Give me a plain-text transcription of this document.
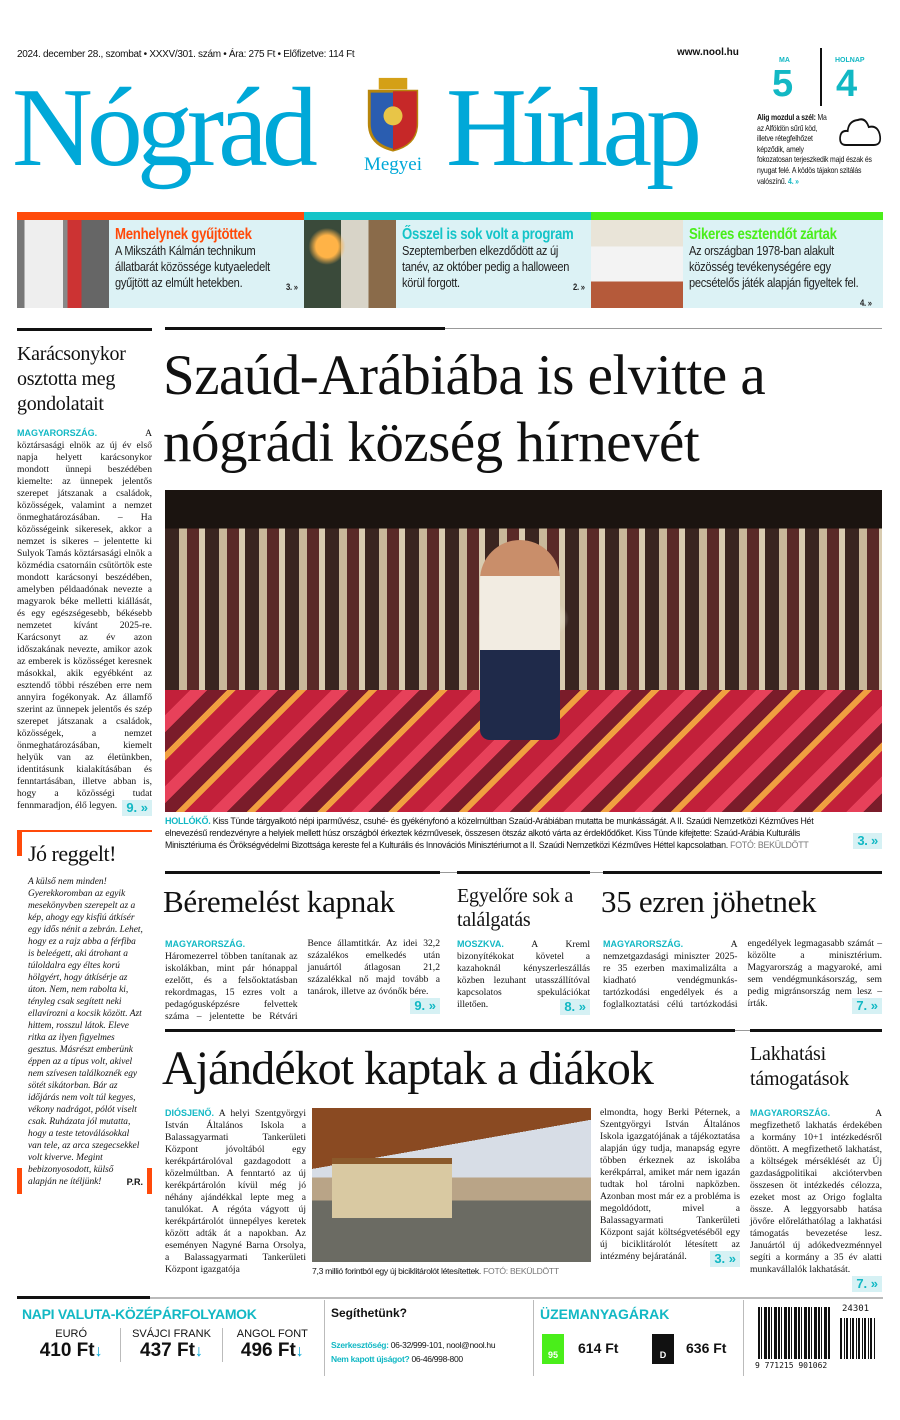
2024. december 28., szombat • XXXV/301. szám • Ára: 275 Ft • Előfizetve: 114 Ft	www.nool.hu
Nógrád	Megyei Hírlap
MA
5
HOLNAP
4
Alig mozdul a szél: Ma az Alföldön sűrű köd, illetve rétegfelhőzet képződik, amely fokozatosan terjeszkedik majd észak és nyugat felé. A ködös tájakon szitálás valószínű. 4. »
Menhelynek gyűjtöttek

A Mikszáth Kálmán technikum állatbarát közössége kutyaeledelt gyűjtött az elmúlt hetekben.	3. »

Ősszel is sok volt a program

Szeptemberben elkezdődött az új tanév, az október pedig a halloween körül forgott.	2. »

Sikeres esztendőt zártak

Az országban 1978-ban alakult közösség tevékenységére egy pecsételős játék alapján figyeltek fel.
4. »

Karácsonykor osztotta meg gondolatait
MAGYARORSZÁG.	A köztársasági elnök az új év első napja helyett karácsonykor mondott ünnepi beszédében kiemelte: az ünnepek jelentős szerepet játszanak a családok, közösségek, valamint a nemzet önmeghatározásában. – Ha közösségeink sikeresek, akkor a nemzet is sikeres – jelentette ki Sulyok Tamás köztársasági elnök a közmédia csatornáin csütörtök este mondott karácsonyi beszédében, amelyben példaadónak nevezte a magyarok béke melletti kiállását, és egy egészségesebb, békésebb nemzetet kívánt 2025-re. Karácsonyt az év azon időszakának nevezte, amikor azok az emberek is közösséget keresnek másokkal, akik egyébként az esztendő többi részében erre nem annyira fogékonyak. Az államfő szerint az ünnepek jelentős és szép szerepet játszanak a családok, közösségek, a nemzet önmeghatározásában, kiemelt helyük van az életünkben, identitásunk kialakításában és fenntartásában, illetve abban is, hogy a közösségi tudat fennmaradjon, élő legyen. 9. »
Jó reggelt!
A külső nem minden! Gyerekkoromban az egyik mesekönyvben szerepelt az a kép, ahogy egy kisfiú átkísér egy idős nénit a zebrán. Lehet, hogy ez a rajz abba a férfiba is beleégett, aki átrohant a túloldalra egy éltes korú hölgyért, hogy átkísérje az úton. Nem, nem rabolta ki, tényleg csak segített neki ellavírozni a kocsik között. Azt hittem, rosszul látok. Eleve ritka az ilyen figyelmes gesztus. Másrészt emberünk éppen az a típus volt, akivel nem szívesen találkoznék egy sötét sikátorban. Bár az időjárás nem volt túl kegyes, vékony nadrágot, pólót viselt csak. Ruházata jól mutatta, hogy a teste tetoválásokkal van tele, az arca szegecsekkel volt kiverve. Megint bebizonyosodott, külső alapján ne ítéljünk!	P.R.
Szaúd-Arábiába is elvitte a nógrádi község hírnevét
3. »
HOLLÓKŐ. Kiss Tünde tárgyalkotó népi iparművész, csuhé- és gyékényfonó a közelmúltban Szaúd-Arábiában mutatta be munkásságát. A II. Szaúdi Nemzetközi Kézműves Hét elnevezésű rendezvényre a helyiek mellett húsz országból érkeztek kézművesek, összesen ötszáz alkotó várta az érdeklődőket. Kiss Tünde kifejtette: Szaúd-Arábia Kulturális Minisztériuma és Örökségvédelmi Bizottsága kereste fel a Kulturális és Innovációs Minisztériumot a II. Szaúdi Nemzetközi Kézműves Héttel kapcsolatban. FOTÓ: BEKÜLDÖTT
Béremelést kapnak
MAGYARORSZÁG. Háromezerrel többen tanítanak az iskolákban, mint pár hónappal ezelőtt, és a felsőoktatásban rekordmagas, 15 ezres volt a pedagógusképzésre felvettek száma – jelentette be Rétvári Bence államtitkár. Az idei 32,2 százalékos emelkedés után januártól átlagosan 21,2 százalékkal nő majd tovább a tanárok, illetve az óvónők bére.
9. »
Egyelőre sok a találgatás
MOSZKVA.	A Kreml bizonyítékokat követel a kazahoknál kényszerleszállás közben lezuhant utasszállítóval kapcsolatos spekulációkat illetően.	8. »
35 ezren jöhetnek
MAGYARORSZÁG.	A nemzetgazdasági miniszter 2025-re 35 ezerben maximalizálta a kiadható vendégmunkás-tartózkodási engedélyek és a foglalkoztatási célú tartózkodási engedélyek legmagasabb számát – közölte a minisztérium. Magyarország a magyaroké, ami sem vendégmunkásország, sem pedig migránsország nem lesz – írták.	7. »
Ajándékot kaptak a diákok
DIÓSJENŐ. A helyi Szentgyörgyi István Általános Iskola a Balassagyarmati Tankerületi Központ jóvoltából egy kerékpártárolóval gazdagodott a közelmúltban. A fenntartó az új kerékpártárolón kívül még jó néhány ajándékkal lepte meg a tanulókat. A régóta vágyott új kerékpártárolót ünnepélyes keretek között adták át a napokban. Az eseményen Nagyné Barna Orsolya, a Balassagyarmati Tankerületi Központ igazgatója	7,3 millió forintból egy új biciklitárolót létesítettek. FOTÓ: BEKÜLDÖTT
elmondta, hogy Berki Péternek, a Szentgyörgyi István Általános Iskola igazgatójának a tájékoztatása alapján úgy tudja, manapság egyre többen érkeznek az iskolába kerékpárral, amiket már nem igazán tudtak hol tárolni napközben. Azonban most már ez a probléma is megoldódott, mivel a Balassagyarmati Tankerületi Központ saját költségvetéséből egy új biciklitárolót létesített az intézmény bejáratánál.	3. »
Lakhatási támogatások
MAGYARORSZÁG.	A megfizethető lakhatás érdekében a kormány 10+1 intézkedésről döntött. A megfizethető lakhatást, a költségek mérséklését az Új gazdaságpolitikai akciótervben összesen öt intézkedés célozza, ezeket most az Origo foglalta össze. A leggyorsabb hatása jövőre előreláthatólag a lakhatási támogatás bevezetése lesz. Januártól új adókedvezménnyel segíti a kormány a 35 év alatti munkavállalók lakhatását.
7. »
NAPI VALUTA-KÖZÉPÁRFOLYAMOK
EURÓ
410 Ft↓
SVÁJCI FRANK
437 Ft↓
ANGOL FONT
496 Ft↓
Segíthetünk?
Szerkesztőség: 06-32/999-101, nool@nool.hu
Nem kapott újságot? 06-46/998-800
ÜZEMANYAGÁRAK
95	614 Ft	D	636 Ft
24301
9 771215 901062
